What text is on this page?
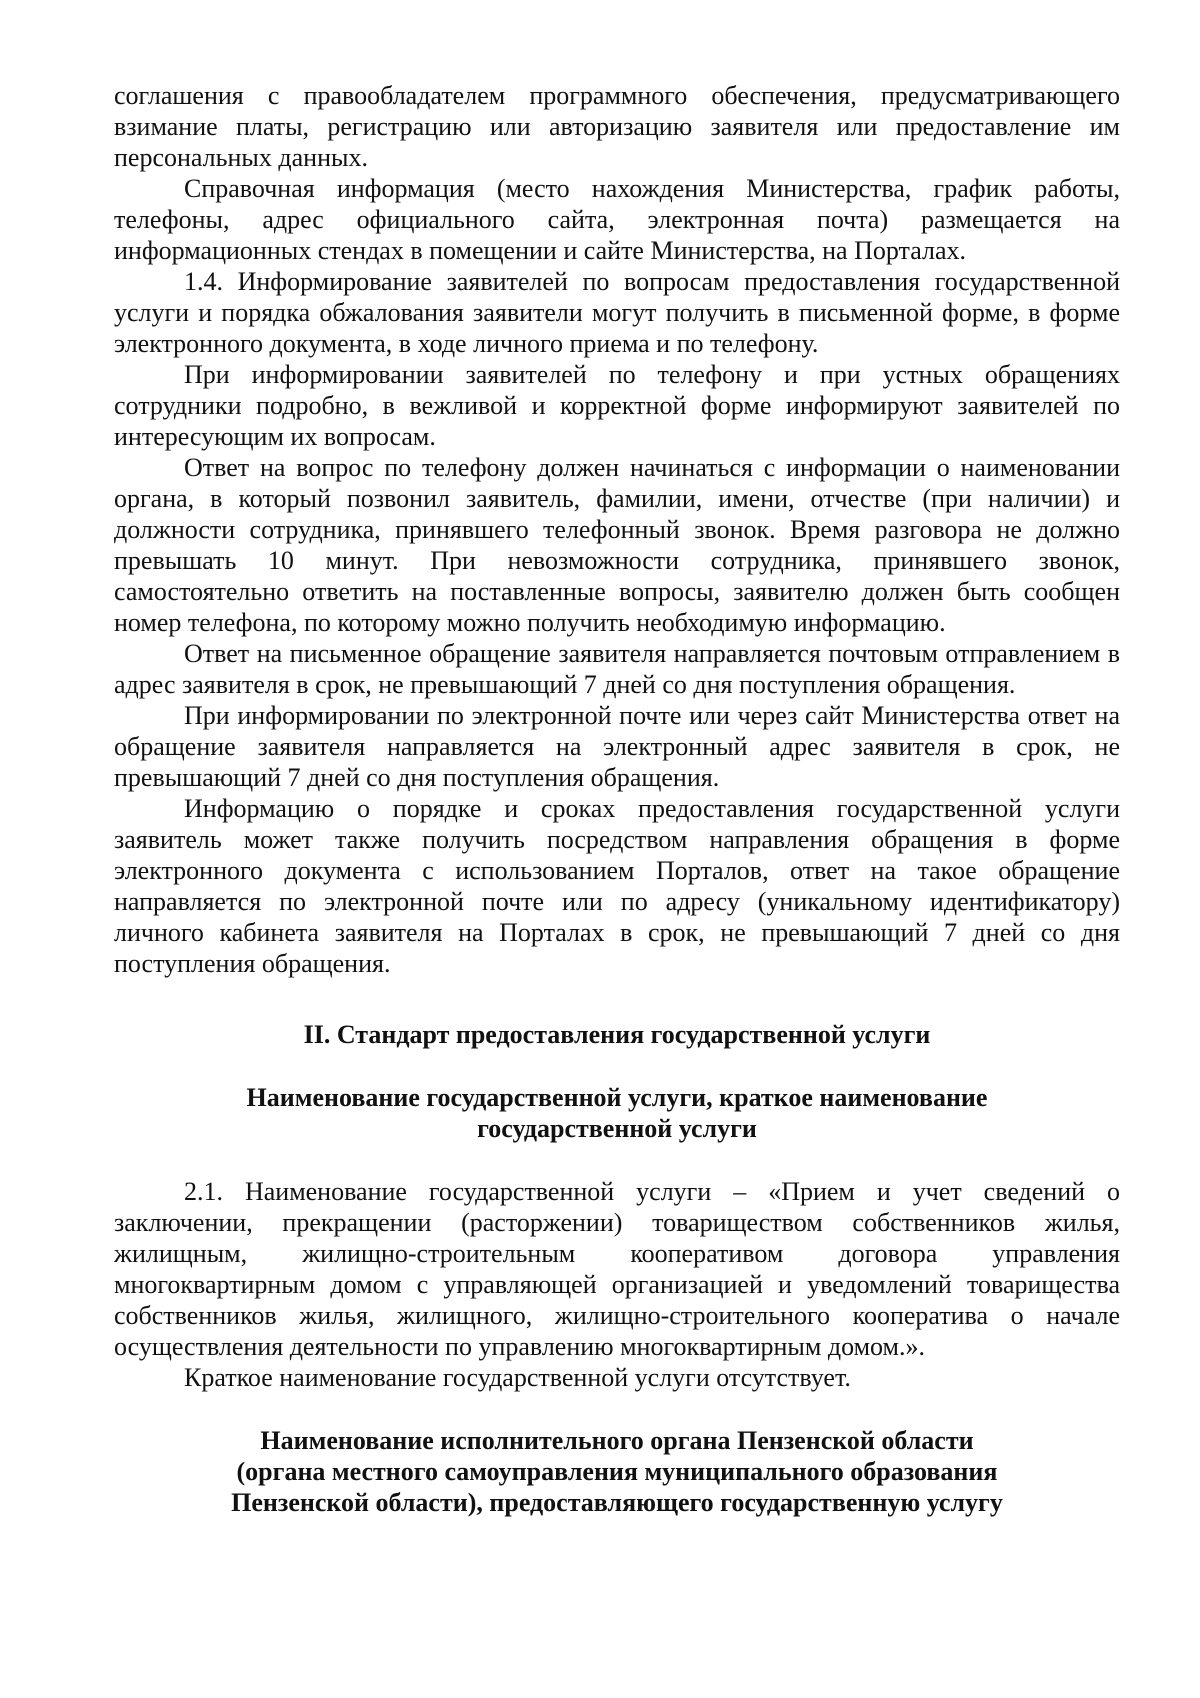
соглашения с правообладателем программного обеспечения, предусматривающего взимание платы, регистрацию или авторизацию заявителя или предоставление им персональных данных.

Справочная информация (место нахождения Министерства, график работы, телефоны, адрес официального сайта, электронная почта) размещается на информационных стендах в помещении и сайте Министерства, на Порталах.

1.4. Информирование заявителей по вопросам предоставления государственной услуги и порядка обжалования заявители могут получить в письменной форме, в форме электронного документа, в ходе личного приема и по телефону.

При информировании заявителей по телефону и при устных обращениях сотрудники подробно, в вежливой и корректной форме информируют заявителей по интересующим их вопросам.

Ответ на вопрос по телефону должен начинаться с информации о наименовании органа, в который позвонил заявитель, фамилии, имени, отчестве (при наличии) и должности сотрудника, принявшего телефонный звонок. Время разговора не должно превышать 10 минут. При невозможности сотрудника, принявшего звонок, самостоятельно ответить на поставленные вопросы, заявителю должен быть сообщен номер телефона, по которому можно получить необходимую информацию.

Ответ на письменное обращение заявителя направляется почтовым отправлением в адрес заявителя в срок, не превышающий 7 дней со дня поступления обращения.

При информировании по электронной почте или через сайт Министерства ответ на обращение заявителя направляется на электронный адрес заявителя в срок, не превышающий 7 дней со дня поступления обращения.

Информацию о порядке и сроках предоставления государственной услуги заявитель может также получить посредством направления обращения в форме электронного документа с использованием Порталов, ответ на такое обращение направляется по электронной почте или по адресу (уникальному идентификатору) личного кабинета заявителя на Порталах в срок, не превышающий 7 дней со дня поступления обращения.

II. Стандарт предоставления государственной услуги

Наименование государственной услуги, краткое наименование

государственной услуги

2.1. Наименование государственной услуги – «Прием и учет сведений о заключении, прекращении (расторжении) товариществом собственников жилья, жилищным, жилищно-строительным кооперативом договора управления многоквартирным домом с управляющей организацией и уведомлений товарищества собственников жилья, жилищного, жилищно-строительного кооператива о начале осуществления деятельности по управлению многоквартирным домом.».

Краткое наименование государственной услуги отсутствует.

Наименование исполнительного органа Пензенской области

(органа местного самоуправления муниципального образования

Пензенской области), предоставляющего государственную услугу
